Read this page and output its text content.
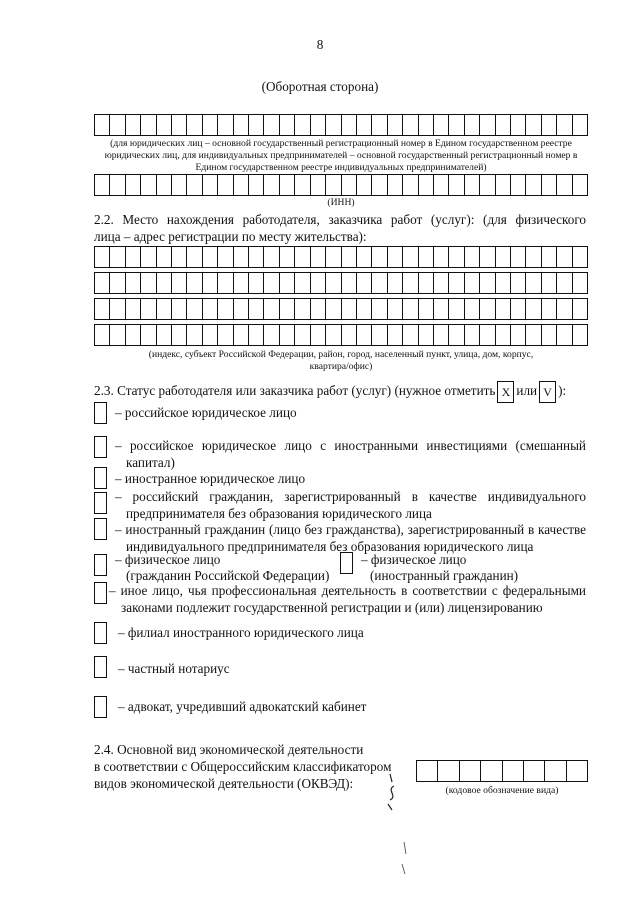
8
(Оборотная сторона)
(для юридических лиц – основной государственный регистрационный номер в Едином государственном реестре юридических лиц, для индивидуальных предпринимателей – основной государственный регистрационный номер в Едином государственном реестре индивидуальных предпринимателей)
(ИНН)
2.2. Место нахождения работодателя, заказчика работ (услуг): (для физического
лица – адрес регистрации по месту жительства):
(индекс, субъект Российской Федерации, район, город, населенный пункт, улица, дом, корпус,
квартира/офис)
2.3. Статус работодателя или заказчика работ (услуг) (нужное отметить X или V ):
– российское юридическое лицо
– российское юридическое лицо с иностранными инвестициями (смешанный
капитал)
– иностранное юридическое лицо
– российский гражданин, зарегистрированный в качестве индивидуального
предпринимателя без образования юридического лица
– иностранный гражданин (лицо без гражданства), зарегистрированный в качестве
индивидуального предпринимателя без образования юридического лица
– физическое лицо
(гражданин Российской Федерации)
– физическое лицо
(иностранный гражданин)
– иное лицо, чья профессиональная деятельность в соответствии с федеральными
законами подлежит государственной регистрации и (или) лицензированию
– филиал иностранного юридического лица
– частный нотариус
– адвокат, учредивший адвокатский кабинет
2.4. Основной вид экономической деятельности
в соответствии с Общероссийским классификатором
видов экономической деятельности (ОКВЭД):	(кодовое обозначение вида)
